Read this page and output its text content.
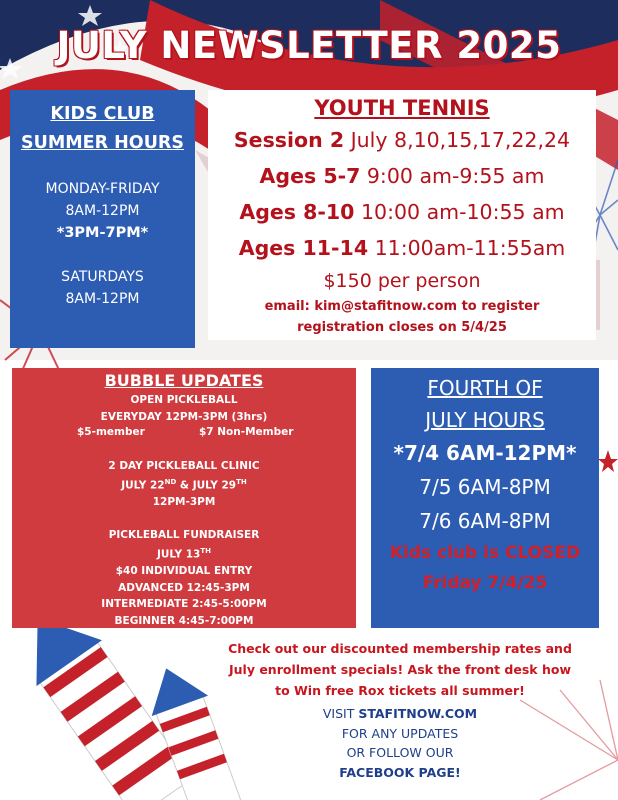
JULY NEWSLETTER 2025
KIDS CLUB
SUMMER HOURS
MONDAY-FRIDAY
8AM-12PM
*3PM-7PM*
SATURDAYS
8AM-12PM
YOUTH TENNIS
Session 2 July 8,10,15,17,22,24
Ages 5-7 9:00 am-9:55 am
Ages 8-10 10:00 am-10:55 am
Ages 11-14 11:00am-11:55am
$150 per person
email: kim@stafitnow.com to register
registration closes on 5/4/25
BUBBLE UPDATES
OPEN PICKLEBALL
EVERYDAY 12PM-3PM (3hrs)
$5-member	$7 Non-Member
2 DAY PICKLEBALL CLINIC
JULY 22ND & JULY 29TH
12PM-3PM
PICKLEBALL FUNDRAISER
JULY 13TH
$40 INDIVIDUAL ENTRY
ADVANCED 12:45-3PM
INTERMEDIATE 2:45-5:00PM
BEGINNER 4:45-7:00PM
FOURTH OF
JULY HOURS
*7/4 6AM-12PM*
7/5 6AM-8PM
7/6 6AM-8PM
Kids club is CLOSED
Friday 7/4/25
Check out our discounted membership rates and
July enrollment specials! Ask the front desk how
to Win free Rox tickets all summer!
VISIT STAFITNOW.COM
FOR ANY UPDATES
OR FOLLOW OUR
FACEBOOK PAGE!
